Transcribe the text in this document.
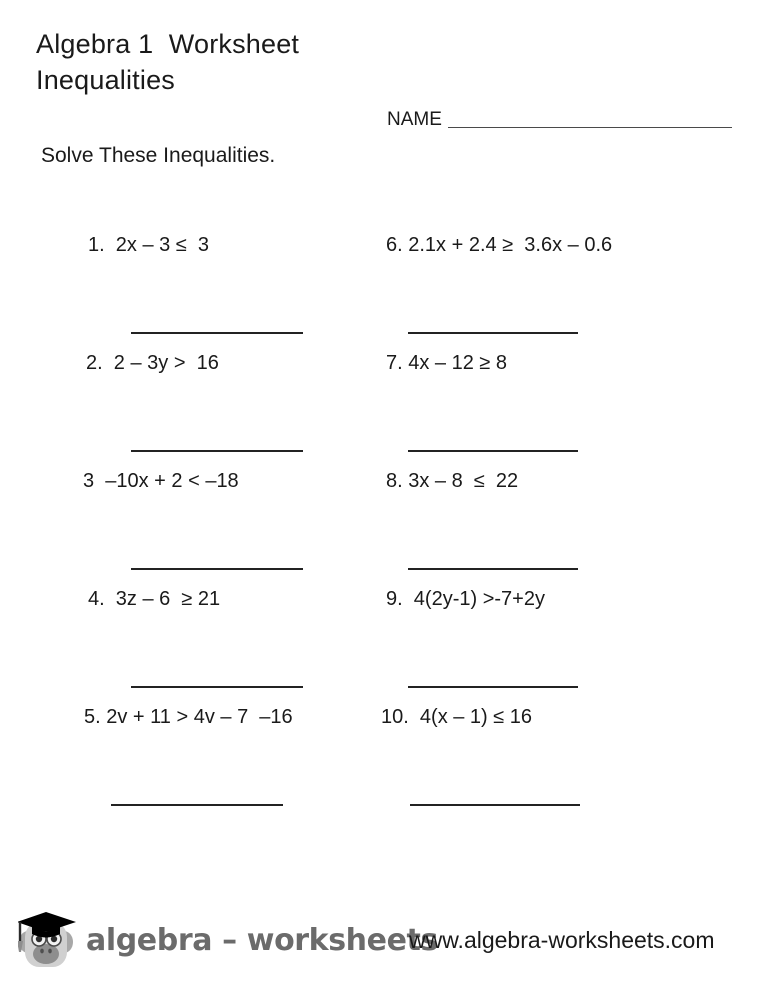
Algebra 1  Worksheet
Inequalities
NAME
Solve These Inequalities.
1.  2x – 3 ≤  3
2.  2 – 3y >  16
3  –10x + 2 < –18
4.  3z – 6  ≥ 21
5. 2v + 11 > 4v – 7  –16
6. 2.1x + 2.4 ≥  3.6x – 0.6
7. 4x – 12 ≥ 8
8. 3x – 8  ≤  22
9.  4(2y-1) >-7+2y
10.  4(x – 1) ≤ 16
algebra – worksheets
www.algebra-worksheets.com
